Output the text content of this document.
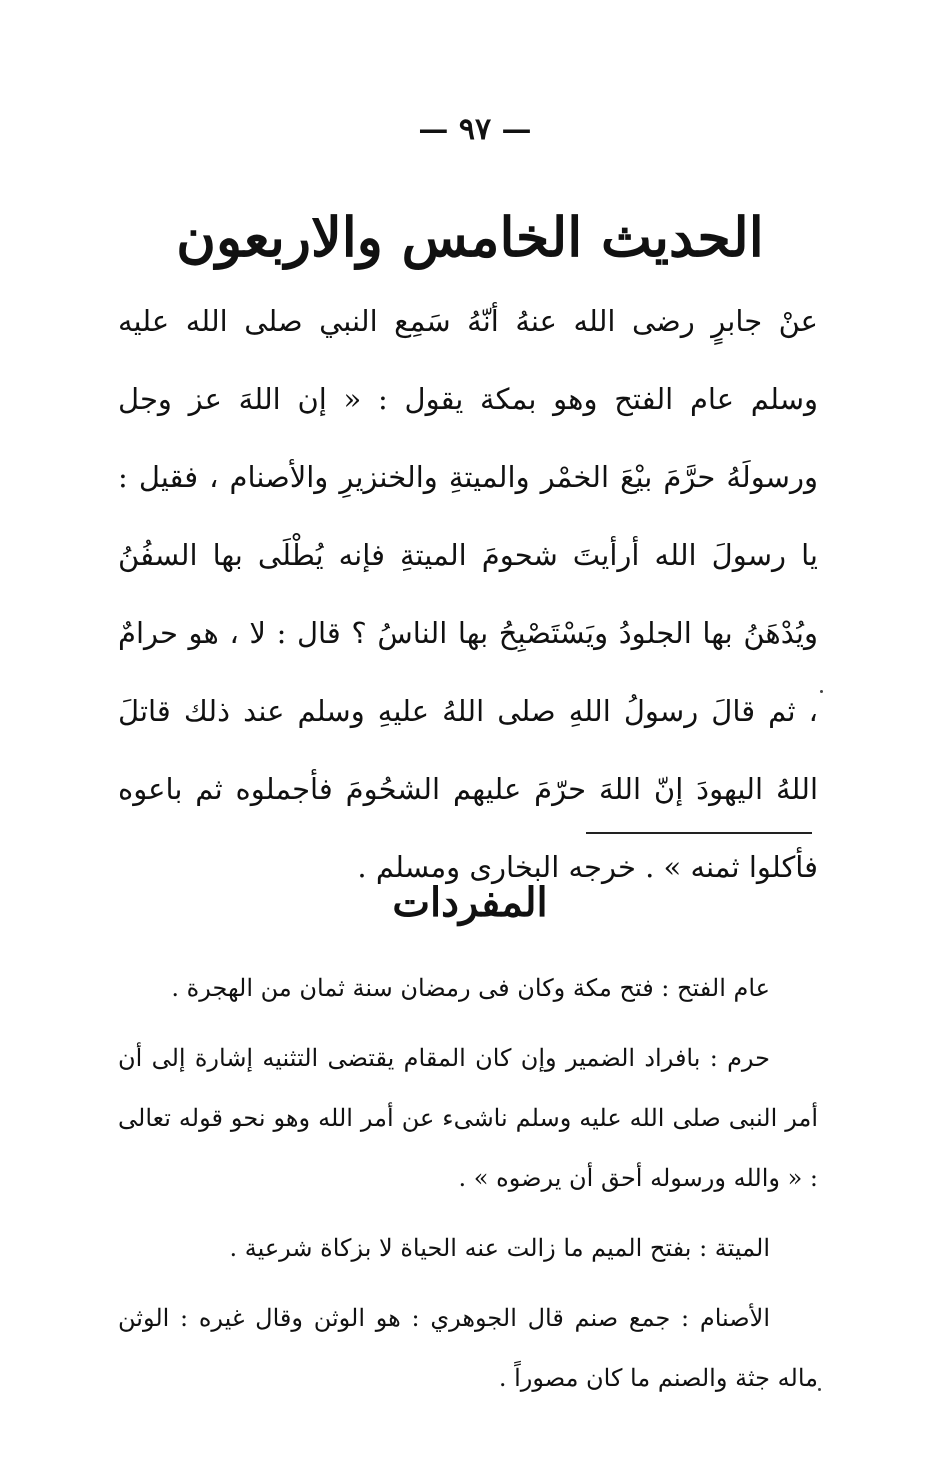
— ٩٧ —
الحديث الخامس والاربعون

عنْ جابرٍ رضى الله عنهُ أنّهُ سَمِع النبي صلى الله عليه وسلم عام الفتح وهو بمكة يقول : « إن اللهَ عز وجل ورسولَهُ حرَّمَ بيْعَ الخمْر والميتةِ والخنزيرِ والأصنام ، فقيل : يا رسولَ الله أرأيتَ شحومَ الميتةِ فإنه يُطْلَى بها السفُنُ ويُدْهَنُ بها الجلودُ ويَسْتَصْبِحُ بها الناسُ ؟ قال : لا ، هو حرامٌ ، ثم قالَ رسولُ اللهِ صلى اللهُ عليهِ وسلم عند ذلك قاتلَ اللهُ اليهودَ إنّ اللهَ حرّمَ عليهم الشحُومَ فأجملوه ثم باعوه فأكلوا ثمنه » . خرجه البخارى ومسلم .

المفردات

عام الفتح : فتح مكة وكان فى رمضان سنة ثمان من الهجرة .

حرم : بافراد الضمير وإن كان المقام يقتضى التثنيه إشارة إلى أن أمر النبى صلى الله عليه وسلم ناشىء عن أمر الله وهو نحو قوله تعالى : « والله ورسوله أحق أن يرضوه » .

الميتة : بفتح الميم ما زالت عنه الحياة لا بزكاة شرعية .

الأصنام : جمع صنم قال الجوهري : هو الوثن وقال غيره : الوثن ماله جثة والصنم ما كان مصوراً .
